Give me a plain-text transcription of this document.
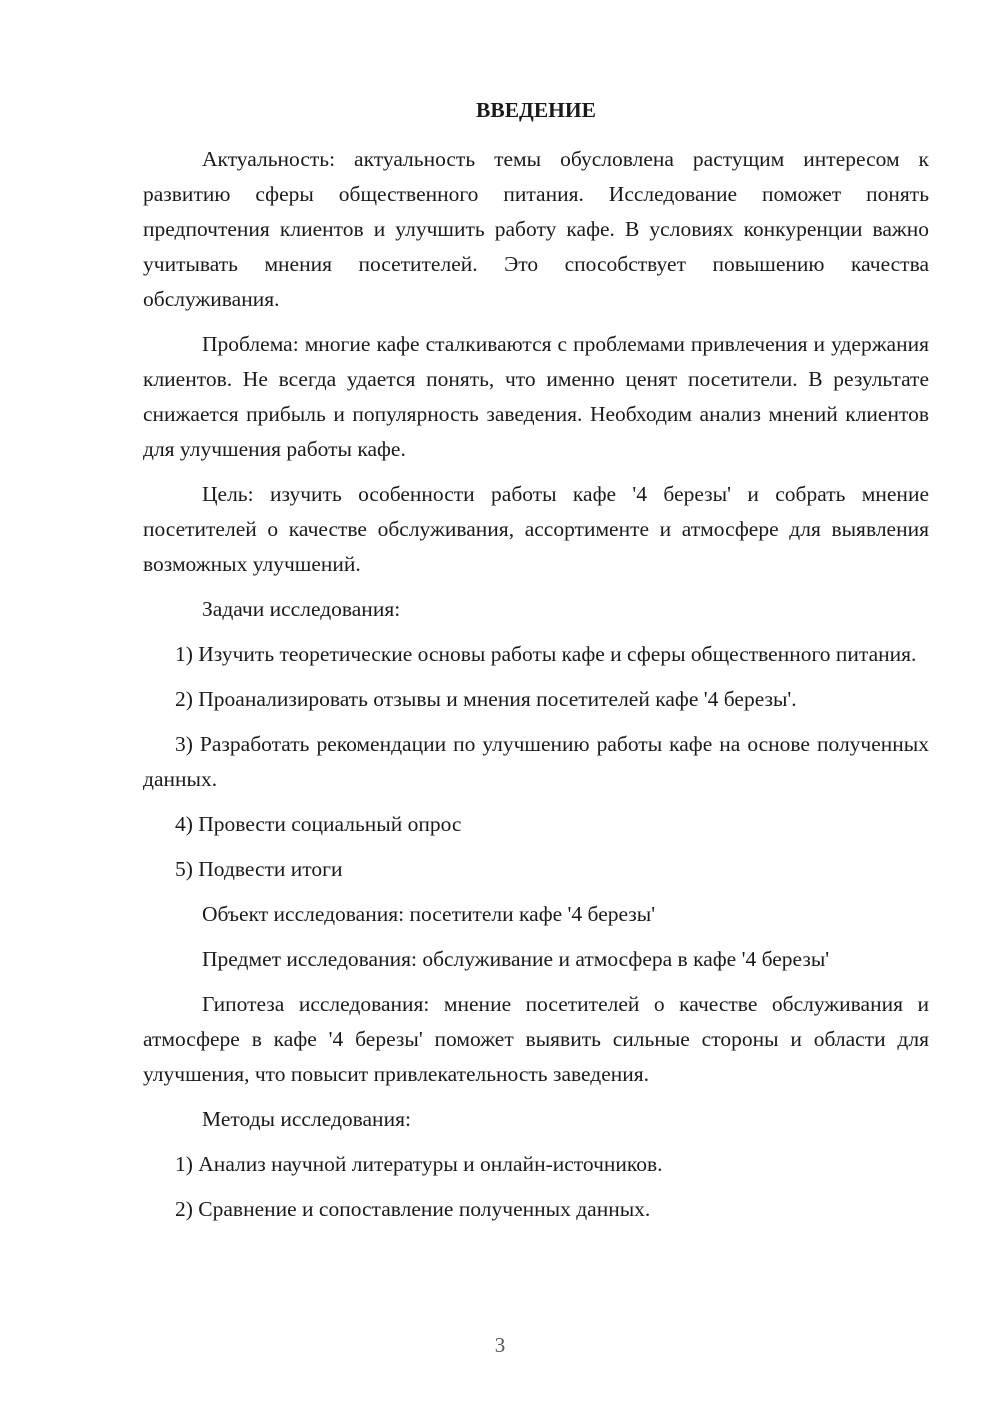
ВВЕДЕНИЕ
Актуальность: актуальность темы обусловлена растущим интересом к развитию сферы общественного питания. Исследование поможет понять предпочтения клиентов и улучшить работу кафе. В условиях конкуренции важно учитывать мнения посетителей. Это способствует повышению качества обслуживания.
Проблема: многие кафе сталкиваются с проблемами привлечения и удержания клиентов. Не всегда удается понять, что именно ценят посетители. В результате снижается прибыль и популярность заведения. Необходим анализ мнений клиентов для улучшения работы кафе.
Цель: изучить особенности работы кафе '4 березы' и собрать мнение посетителей о качестве обслуживания, ассортименте и атмосфере для выявления возможных улучшений.
Задачи исследования:
1) Изучить теоретические основы работы кафе и сферы общественного питания.
2) Проанализировать отзывы и мнения посетителей кафе '4 березы'.
3) Разработать рекомендации по улучшению работы кафе на основе полученных данных.
4) Провести социальный опрос
5) Подвести итоги
Объект исследования: посетители кафе '4 березы'
Предмет исследования: обслуживание и атмосфера в кафе '4 березы'
Гипотеза исследования: мнение посетителей о качестве обслуживания и атмосфере в кафе '4 березы' поможет выявить сильные стороны и области для улучшения, что повысит привлекательность заведения.
Методы исследования:
1) Анализ научной литературы и онлайн-источников.
2) Сравнение и сопоставление полученных данных.
3
